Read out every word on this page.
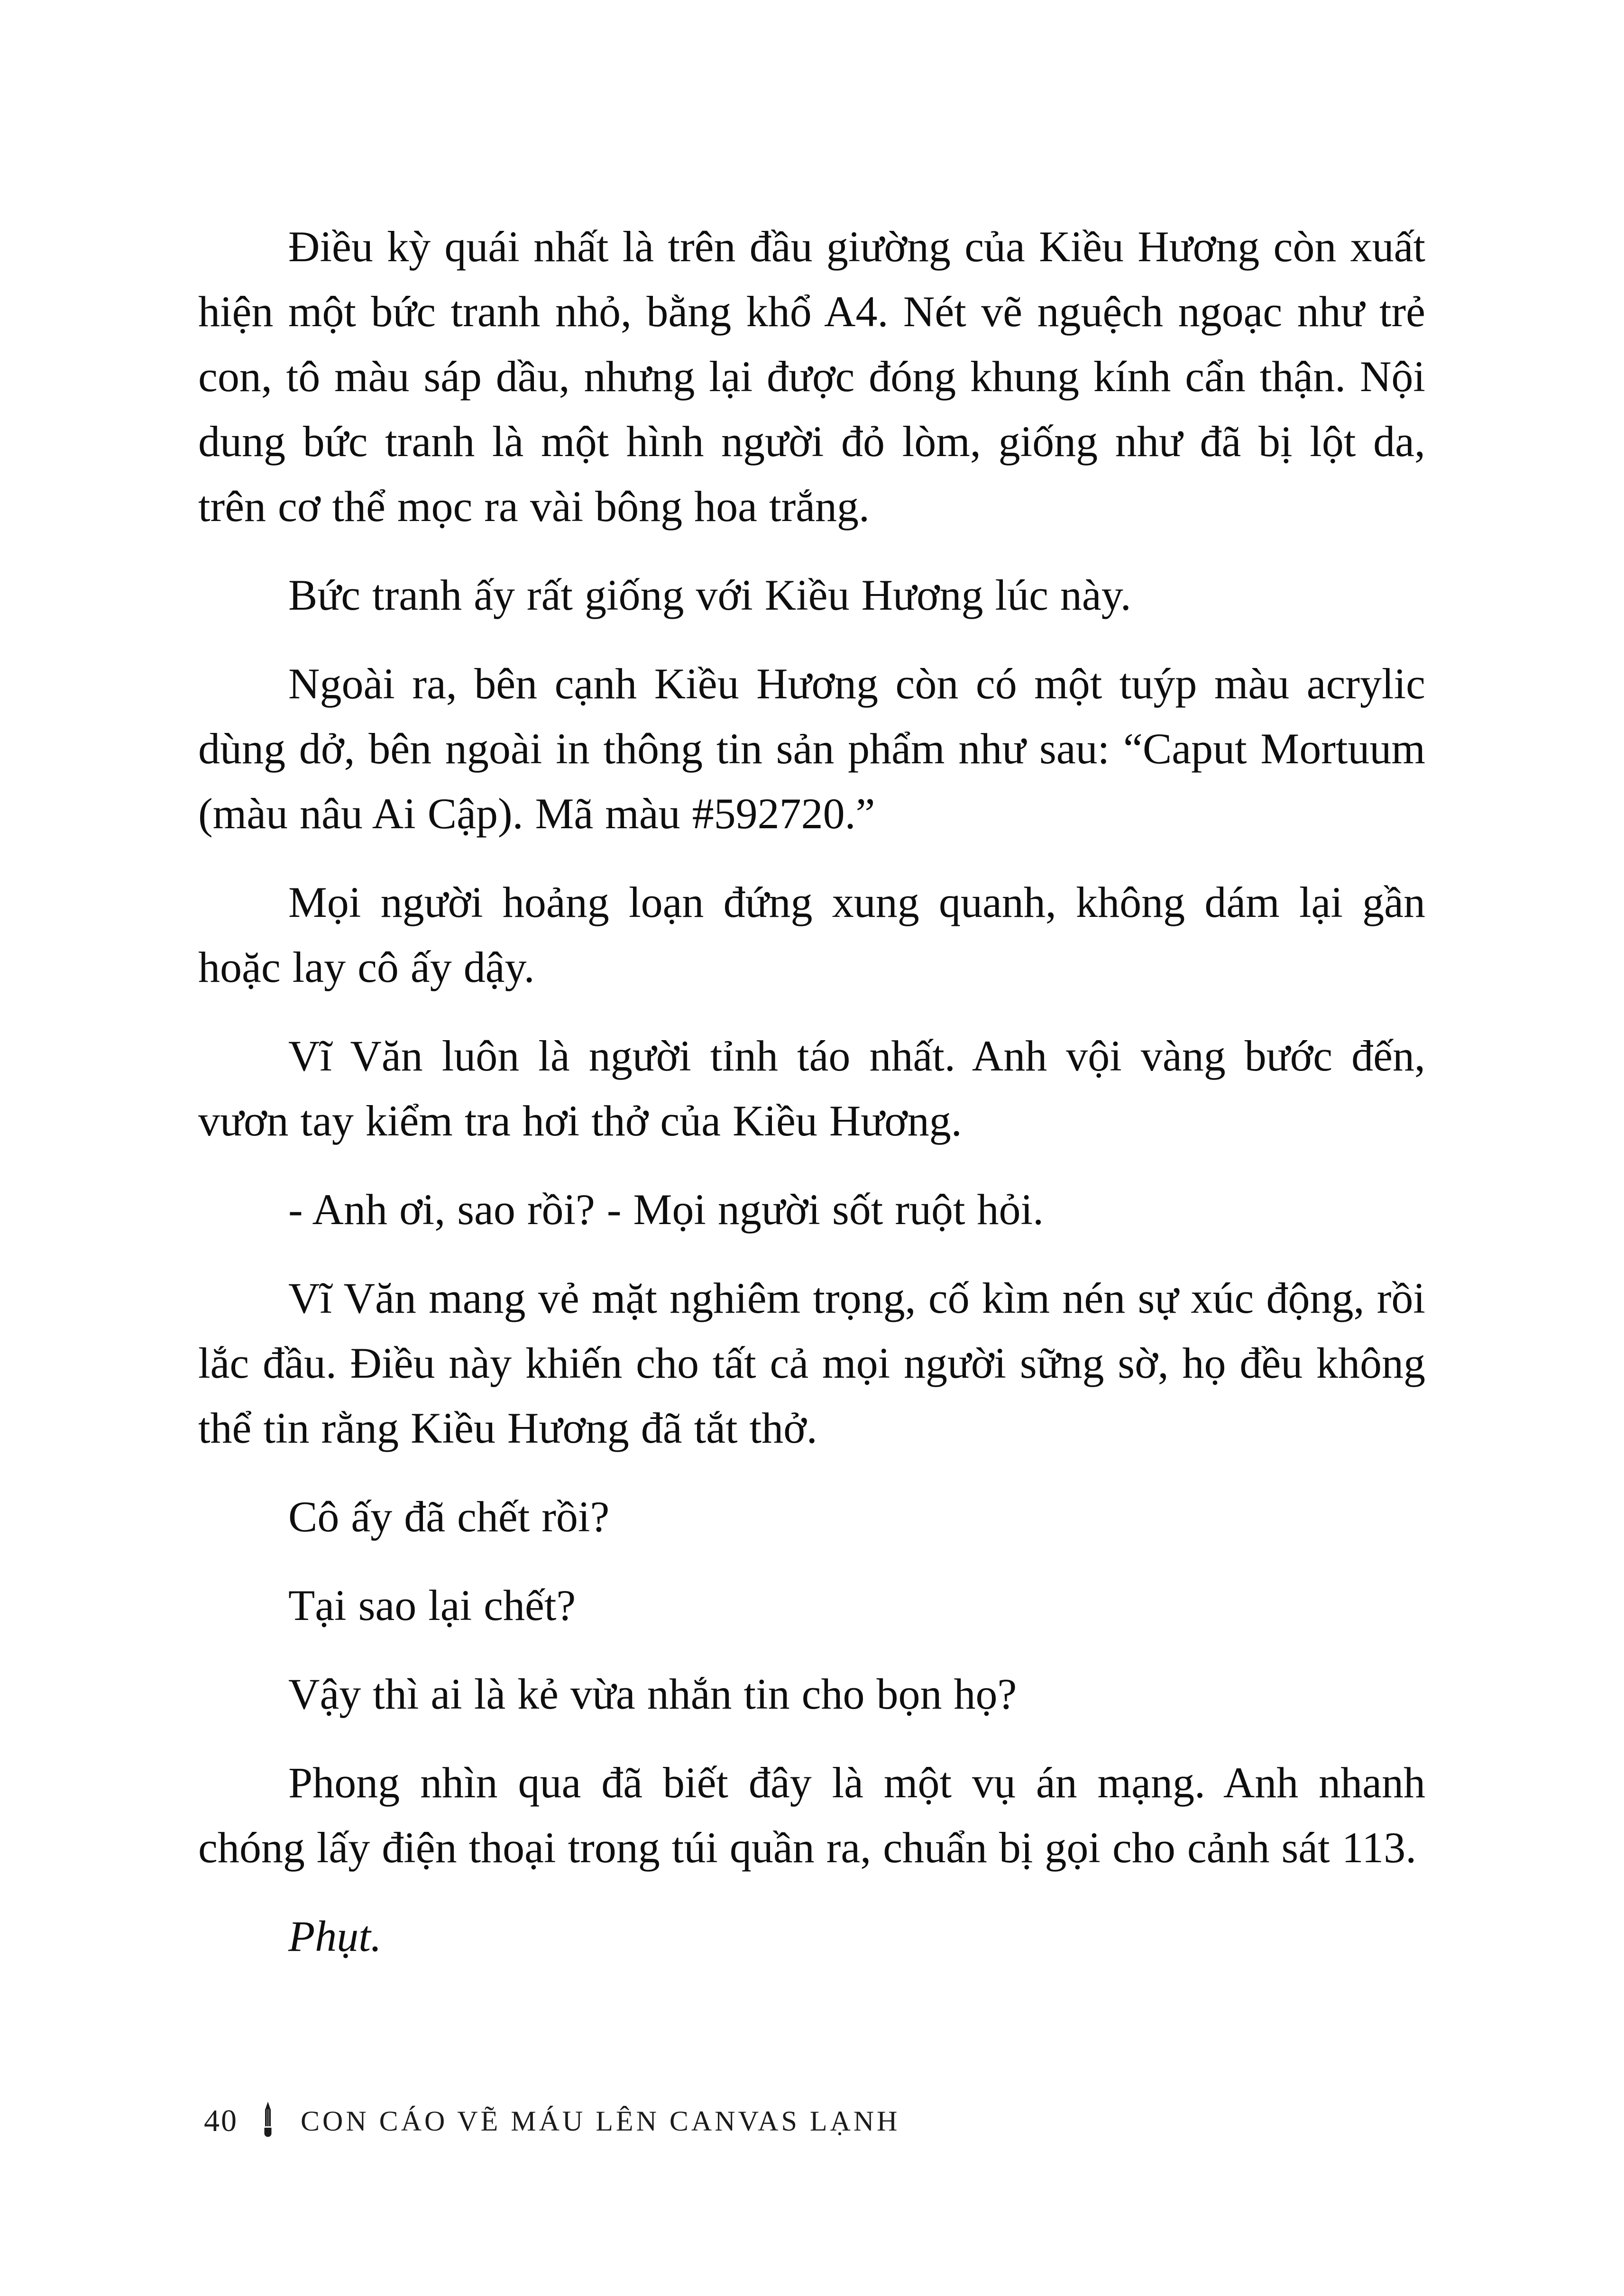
Điều kỳ quái nhất là trên đầu giường của Kiều Hương còn xuất hiện một bức tranh nhỏ, bằng khổ A4. Nét vẽ nguệch ngoạc như trẻ con, tô màu sáp dầu, nhưng lại được đóng khung kính cẩn thận. Nội dung bức tranh là một hình người đỏ lòm, giống như đã bị lột da, trên cơ thể mọc ra vài bông hoa trắng.

Bức tranh ấy rất giống với Kiều Hương lúc này.

Ngoài ra, bên cạnh Kiều Hương còn có một tuýp màu acrylic dùng dở, bên ngoài in thông tin sản phẩm như sau: “Caput Mortuum (màu nâu Ai Cập). Mã màu #592720.”

Mọi người hoảng loạn đứng xung quanh, không dám lại gần hoặc lay cô ấy dậy.

Vĩ Văn luôn là người tỉnh táo nhất. Anh vội vàng bước đến, vươn tay kiểm tra hơi thở của Kiều Hương.

- Anh ơi, sao rồi? - Mọi người sốt ruột hỏi.

Vĩ Văn mang vẻ mặt nghiêm trọng, cố kìm nén sự xúc động, rồi lắc đầu. Điều này khiến cho tất cả mọi người sững sờ, họ đều không thể tin rằng Kiều Hương đã tắt thở.

Cô ấy đã chết rồi?

Tại sao lại chết?

Vậy thì ai là kẻ vừa nhắn tin cho bọn họ?

Phong nhìn qua đã biết đây là một vụ án mạng. Anh nhanh chóng lấy điện thoại trong túi quần ra, chuẩn bị gọi cho cảnh sát 113.

Phụt.

40 CON CÁO VẼ MÁU LÊN CANVAS LẠNH
